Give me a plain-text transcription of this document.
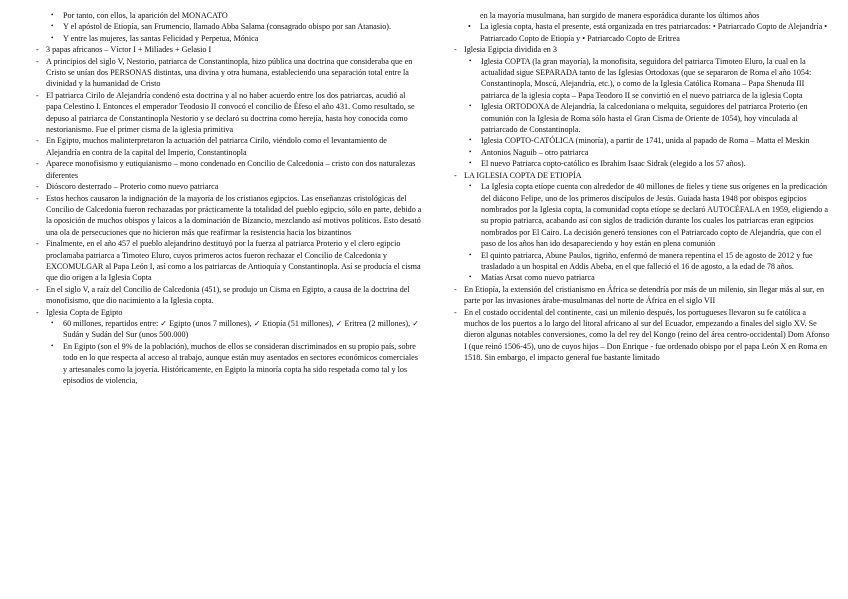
• Por tanto, con ellos, la aparición del MONACATO

• Y el apóstol de Etiopía, san Frumencio, llamado Abba Salama (consagrado obispo por san Atanasio).

• Y entre las mujeres, las santas Felicidad y Perpetua, Mónica

- 3 papas africanos – Víctor I + Milíades + Gelasio I

- A principios del siglo V, Nestorio, patriarca de Constantinopla, hizo pública una doctrina que consideraba que en Cristo se unían dos PERSONAS distintas, una divina y otra humana, estableciendo una separación total entre la divinidad y la humanidad de Cristo

- El patriarca Cirilo de Alejandría condenó esta doctrina y al no haber acuerdo entre los dos patriarcas, acudió al papa Celestino I. Entonces el emperador Teodosio II convocó el concilio de Éfeso el año 431. Como resultado, se depuso al patriarca de Constantinopla Nestorio y se declaró su doctrina como herejía, hasta hoy conocida como nestorianismo. Fue el primer cisma de la iglesia primitiva

- En Egipto, muchos malinterpretaron la actuación del patriarca Cirilo, viéndolo como el levantamiento de Alejandría en contra de la capital del Imperio, Constantinopla

- Aparece monofisismo y eutiquianismo – mono condenado en Concilio de Calcedonia – cristo con dos naturalezas diferentes

- Dióscoro desterrado – Proterio como nuevo patriarca

- Estos hechos causaron la indignación de la mayoría de los cristianos egipcios. Las enseñanzas cristológicas del Concilio de Calcedonia fueron rechazadas por prácticamente la totalidad del pueblo egipcio, sólo en parte, debido a la oposición de muchos obispos y laicos a la dominación de Bizancio, mezclando así motivos políticos. Esto desató una ola de persecuciones que no hicieron más que reafirmar la resistencia hacia los bizantinos

- Finalmente, en el año 457 el pueblo alejandrino destituyó por la fuerza al patriarca Proterio y el clero egipcio proclamaba patriarca a Timoteo Eluro, cuyos primeros actos fueron rechazar el Concilio de Calcedonia y EXCOMULGAR al Papa León I, así como a los patriarcas de Antioquía y Constantinopla. Así se producía el cisma que dio origen a la Iglesia Copta

- En el siglo V, a raíz del Concilio de Calcedonia (451), se produjo un Cisma en Egipto, a causa de la doctrina del monofisismo, que dio nacimiento a la Iglesia copta.

- Iglesia Copta de Egipto

• 60 millones, repartidos entre: ✓ Egipto (unos 7 millones), ✓ Etiopía (51 millones), ✓ Eritrea (2 millones), ✓ Sudán y Sudán del Sur (unos 500.000)

• En Egipto (son el 9% de la población), muchos de ellos se consideran discriminados en su propio país, sobre todo en lo que respecta al acceso al trabajo, aunque están muy asentados en sectores económicos comerciales y artesanales como la joyería. Históricamente, en Egipto la minoría copta ha sido respetada como tal y los episodios de violencia,

en la mayoría musulmana, han surgido de manera esporádica durante los últimos años

• La iglesia copta, hasta el presente, está organizada en tres patriarcados: • Patriarcado Copto de Alejandría • Patriarcado Copto de Etiopía y • Patriarcado Copto de Eritrea

- Iglesia Egipcia dividida en 3

• Iglesia COPTA (la gran mayoría), la monofisita, seguidora del patriarca Timoteo Eluro, la cual en la actualidad sigue SEPARADA tanto de las Iglesias Ortodoxas (que se separaron de Roma el año 1054: Constantinopla, Moscú, Alejandría, etc.), o como de la Iglesia Católica Romana – Papa Shenuda III patriarca de la iglesia copta – Papa Teodoro II se convirtió en el nuevo patriarca de la iglesia Copta

• Iglesia ORTODOXA de Alejandría, la calcedoniana o melquita, seguidores del patriarca Proterio (en comunión con la Iglesia de Roma sólo hasta el Gran Cisma de Oriente de 1054), hoy vinculada al patriarcado de Constantinopla.

• Iglesia COPTO-CATÓLICA (minoría), a partir de 1741, unida al papado de Roma – Matta el Meskin

• Antonios Naguib – otro patriarca

• El nuevo Patriarca copto-católico es Ibrahim Isaac Sidrak (elegido a los 57 años).

- LA IGLESIA COPTA DE ETIOPÍA

• La Iglesia copta etíope cuenta con alrededor de 40 millones de fieles y tiene sus orígenes en la predicación del diácono Felipe, uno de los primeros discípulos de Jesús. Guiada hasta 1948 por obispos egipcios nombrados por la Iglesia copta, la comunidad copta etíope se declaró AUTOCÉFALA en 1959, eligiendo a su propio patriarca, acabando así con siglos de tradición durante los cuales los patriarcas eran egipcios nombrados por El Cairo. La decisión generó tensiones con el Patriarcado copto de Alejandría, que con el paso de los años han ido desapareciendo y hoy están en plena comunión

• El quinto patriarca, Abune Paulos, tigriño, enfermó de manera repentina el 15 de agosto de 2012 y fue trasladado a un hospital en Addis Abeba, en el que falleció el 16 de agosto, a la edad de 78 años.

• Matías Arsat como nuevo patriarca

- En Etiopía, la extensión del cristianismo en África se detendría por más de un milenio, sin llegar más al sur, en parte por las invasiones árabe-musulmanas del norte de África en el siglo VII

- En el costado occidental del continente, casi un milenio después, los portugueses llevaron su fe católica a muchos de los puertos a lo largo del litoral africano al sur del Ecuador, empezando a finales del siglo XV. Se dieron algunas notables conversiones, como la del rey del Kongo (reino del área centro-occidental) Dom Afonso I (que reinó 1506-45), uno de cuyos hijos – Don Enrique - fue ordenado obispo por el papa León X en Roma en 1518. Sin embargo, el impacto general fue bastante limitado
